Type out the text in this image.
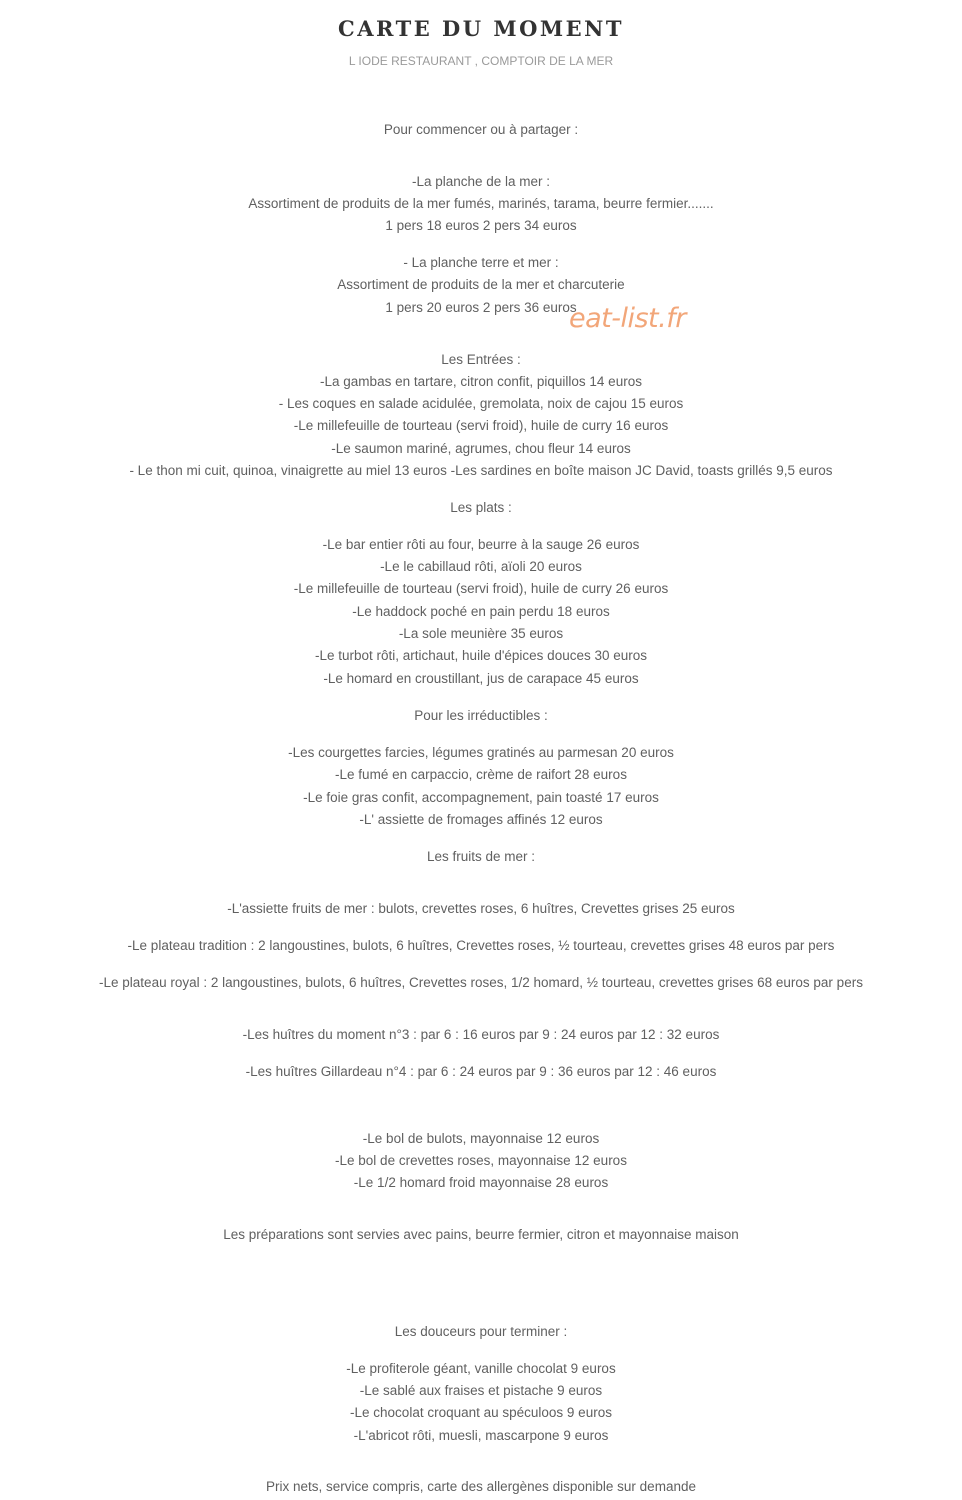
CARTE DU MOMENT
L IODE RESTAURANT , COMPTOIR DE LA MER
Pour commencer ou à partager :
-La planche de la mer :
Assortiment de produits de la mer fumés, marinés, tarama, beurre fermier.......
1 pers 18 euros 2 pers 34 euros
- La planche terre et mer :
Assortiment de produits de la mer et charcuterie
1 pers 20 euros 2 pers 36 euros
eat-list.fr
Les Entrées :
-La gambas en tartare, citron confit, piquillos 14 euros
- Les coques en salade acidulée, gremolata, noix de cajou 15 euros
-Le millefeuille de tourteau (servi froid), huile de curry 16 euros
-Le saumon mariné, agrumes, chou fleur 14 euros
- Le thon mi cuit, quinoa, vinaigrette au miel 13 euros -Les sardines en boîte maison JC David, toasts grillés 9,5 euros
Les plats :
-Le bar entier rôti au four, beurre à la sauge 26 euros
-Le le cabillaud rôti, aïoli 20 euros
-Le millefeuille de tourteau (servi froid), huile de curry 26 euros
-Le haddock poché en pain perdu 18 euros
-La sole meunière 35 euros
-Le turbot rôti, artichaut, huile d'épices douces 30 euros
-Le homard en croustillant, jus de carapace 45 euros
Pour les irréductibles :
-Les courgettes farcies, légumes gratinés au parmesan 20 euros
-Le fumé en carpaccio, crème de raifort 28 euros
-Le foie gras confit, accompagnement, pain toasté 17 euros
-L' assiette de fromages affinés 12 euros
Les fruits de mer :
-L'assiette fruits de mer : bulots, crevettes roses, 6 huîtres, Crevettes grises 25 euros
-Le plateau tradition : 2 langoustines, bulots, 6 huîtres, Crevettes roses, ½ tourteau, crevettes grises 48 euros par pers
-Le plateau royal : 2 langoustines, bulots, 6 huîtres, Crevettes roses, 1/2 homard, ½ tourteau, crevettes grises 68 euros par pers
-Les huîtres du moment n°3 : par 6 : 16 euros par 9 : 24 euros par 12 : 32 euros
-Les huîtres Gillardeau n°4 : par 6 : 24 euros par 9 : 36 euros par 12 : 46 euros
-Le bol de bulots, mayonnaise 12 euros
-Le bol de crevettes roses, mayonnaise 12 euros
-Le 1/2 homard froid mayonnaise 28 euros
Les préparations sont servies avec pains, beurre fermier, citron et mayonnaise maison
Les douceurs pour terminer :
-Le profiterole géant, vanille chocolat 9 euros
-Le sablé aux fraises et pistache 9 euros
-Le chocolat croquant au spéculoos 9 euros
-L'abricot rôti, muesli, mascarpone 9 euros
Prix nets, service compris, carte des allergènes disponible sur demande
